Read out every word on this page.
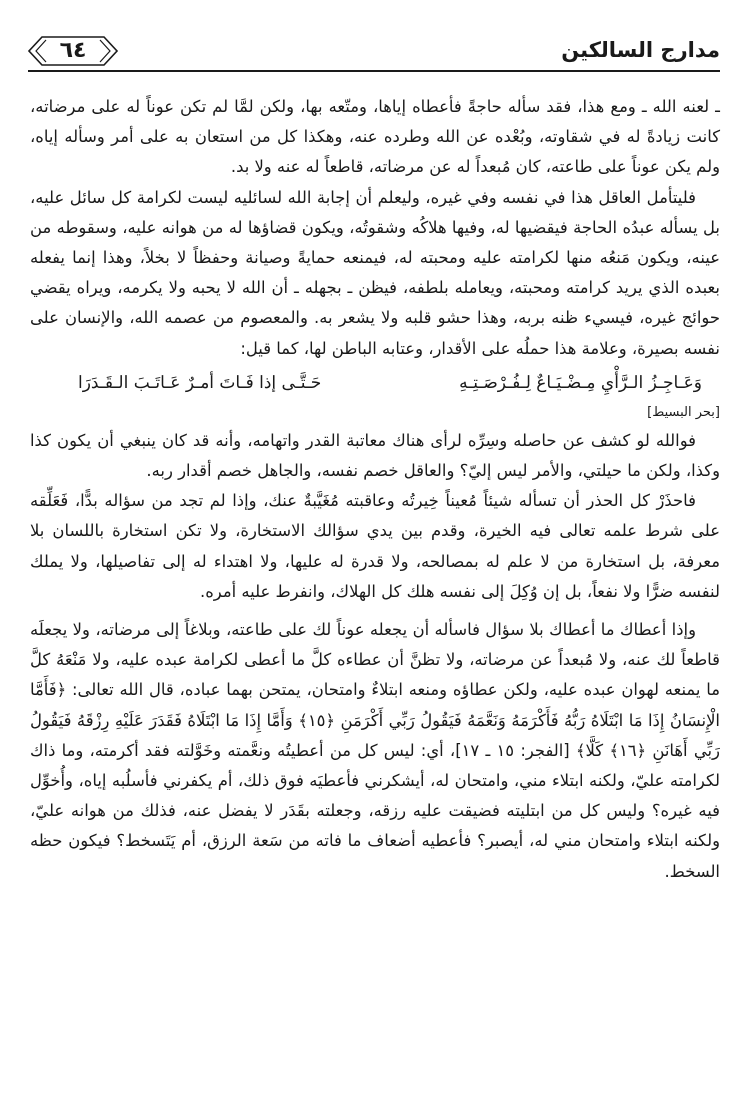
٦٤	مدارج السالكين

ـ لعنه الله ـ ومع هذا، فقد سأله حاجةً فأعطاه إياها، ومتّعه بها، ولكن لمَّا لم تكن عوناً له على مرضاته، كانت زيادةً له في شقاوته، وبُعْده عن الله وطرده عنه، وهكذا كل من استعان به على أمر وسأله إياه، ولم يكن عوناً على طاعته، كان مُبعداً له عن مرضاته، قاطعاً له عنه ولا بد.

فليتأمل العاقل هذا في نفسه وفي غيره، وليعلم أن إجابة الله لسائليه ليست لكرامة كل سائل عليه، بل يسأله عبدُه الحاجة فيقضيها له، وفيها هلاكُه وشقوتُه، ويكون قضاؤها له من هوانه عليه، وسقوطه من عينه، ويكون مَنعُه منها لكرامته عليه ومحبته له، فيمنعه حمايةً وصيانة وحفظاً لا بخلاً، وهذا إنما يفعله بعبده الذي يريد كرامته ومحبته، ويعامله بلطفه، فيظن ـ بجهله ـ أن الله لا يحبه ولا يكرمه، ويراه يقضي حوائج غيره، فيسيء ظنه بربه، وهذا حشو قلبه ولا يشعر به. والمعصوم من عصمه الله، والإنسان على نفسه بصيرة، وعلامة هذا حملُه على الأقدار، وعتابه الباطن لها، كما قيل:

وَعَـاجِـزُ الـرَّأْيِ مِـضْـيَـاعٌ لِـفُـرْصَـتِـهِ
حَـتَّـى إذا فَـاتَ أمـرٌ عَـاتَـبَ الـقَـدَرَا
[بحر البسيط]

فوالله لو كشف عن حاصله وسِرِّه لرأى هناك معاتبة القدر واتهامه، وأنه قد كان ينبغي أن يكون كذا وكذا، ولكن ما حيلتي، والأمر ليس إليّ؟ والعاقل خصم نفسه، والجاهل خصم أقدار ربه.

فاحذَرْ كل الحذر أن تسأله شيئاً مُعيناً خِيرتُه وعاقبته مُغَيَّبةٌ عنك، وإذا لم تجد من سؤاله بدًّا، فَعَلِّقه على شرط علمه تعالى فيه الخيرة، وقدم بين يدي سؤالك الاستخارة، ولا تكن استخارة باللسان بلا معرفة، بل استخارة من لا علم له بمصالحه، ولا قدرة له عليها، ولا اهتداء له إلى تفاصيلها، ولا يملك لنفسه ضرًّا ولا نفعاً، بل إن وُكِلَ إلى نفسه هلك كل الهلاك، وانفرط عليه أمره.

وإذا أعطاك ما أعطاك بلا سؤال فاسأله أن يجعله عوناً لك على طاعته، وبلاغاً إلى مرضاته، ولا يجعلَه قاطعاً لك عنه، ولا مُبعداً عن مرضاته، ولا تظنَّ أن عطاءه كلَّ ما أعطى لكرامة عبده عليه، ولا مَنْعَهُ كلَّ ما يمنعه لهوان عبده عليه، ولكن عطاؤه ومنعه ابتلاءٌ وامتحان، يمتحن بهما عباده، قال الله تعالى: ﴿فَأَمَّا الْإِنسَانُ إِذَا مَا ابْتَلَاهُ رَبُّهُ فَأَكْرَمَهُ وَنَعَّمَهُ فَيَقُولُ رَبِّي أَكْرَمَنِ ﴿١٥﴾ وَأَمَّا إِذَا مَا ابْتَلَاهُ فَقَدَرَ عَلَيْهِ رِزْقَهُ فَيَقُولُ رَبِّي أَهَانَنِ ﴿١٦﴾ كَلَّا﴾ [الفجر: ١٥ ـ ١٧]، أي: ليس كل من أعطيتُه ونعَّمته وخَوَّلته فقد أكرمته، وما ذاك لكرامته عليّ، ولكنه ابتلاء مني، وامتحان له، أيشكرني فأعطيَه فوق ذلك، أم يكفرني فأسلُبه إياه، وأُخوِّل فيه غيره؟ وليس كل من ابتليته فضيقت عليه رزقه، وجعلته بقَدَر لا يفضل عنه، فذلك من هوانه عليّ، ولكنه ابتلاء وامتحان مني له، أيصبر؟ فأعطيه أضعاف ما فاته من سَعة الرزق، أم يَتَسخط؟ فيكون حظه السخط.
